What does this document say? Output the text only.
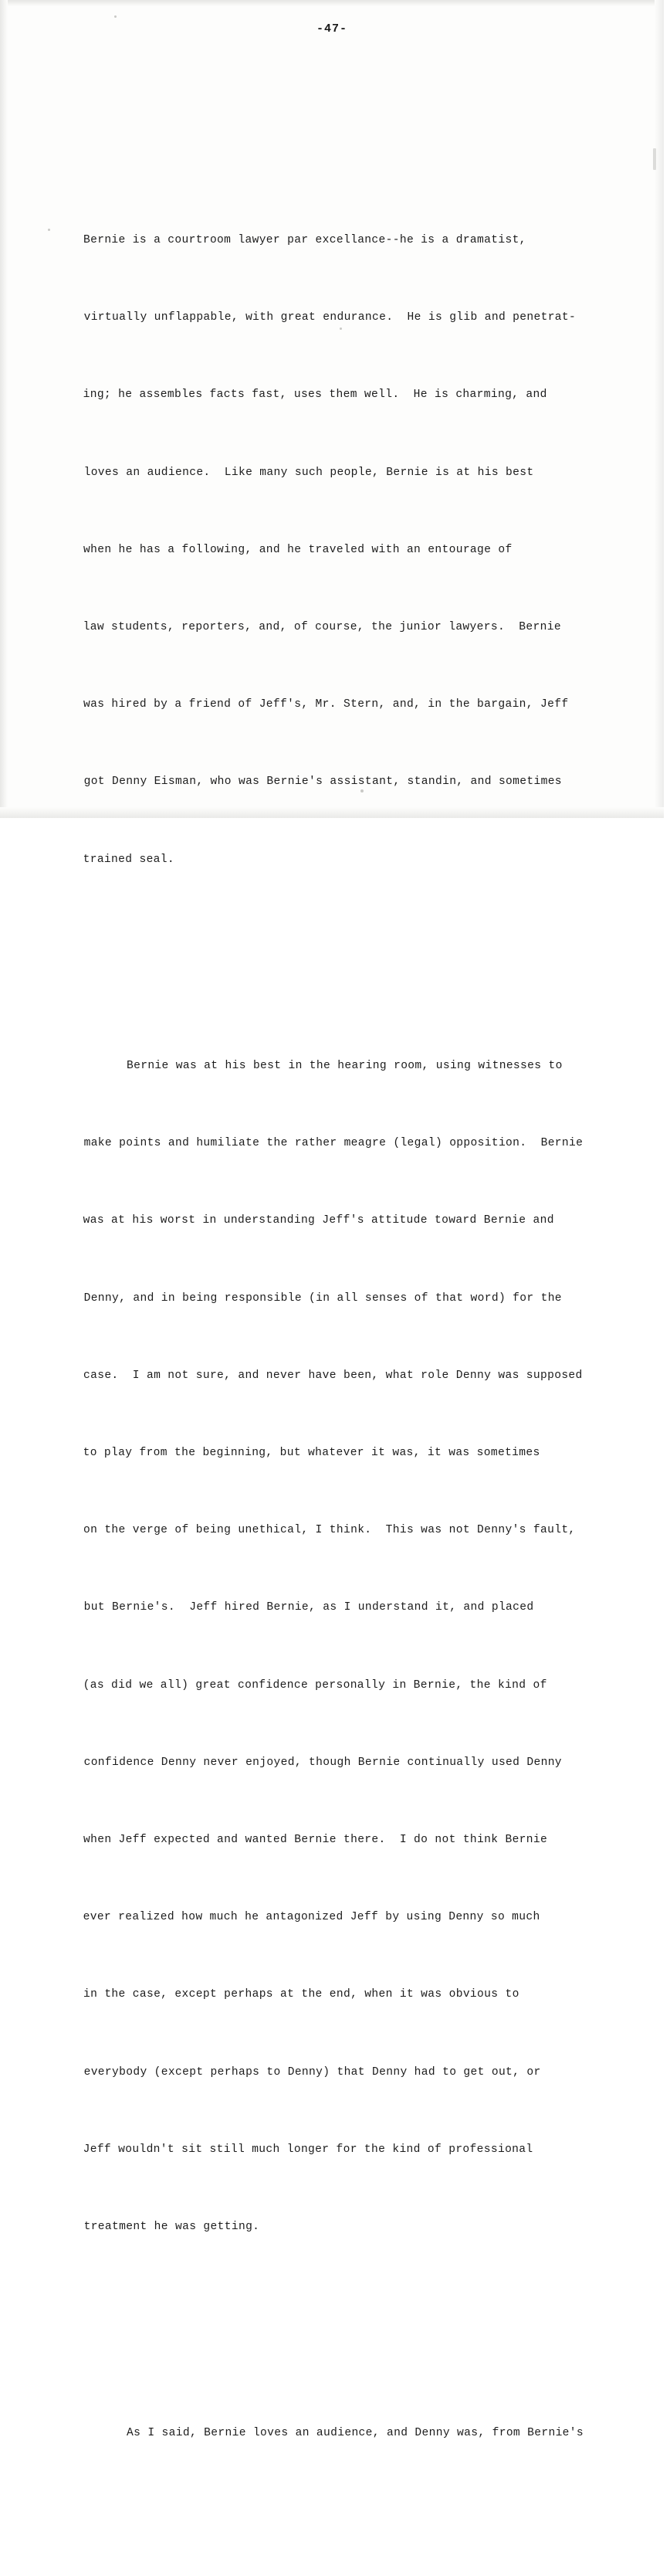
-47-

Bernie is a courtroom lawyer par excellance--he is a dramatist,

virtually unflappable, with great endurance.  He is glib and penetrat-

ing; he assembles facts fast, uses them well.  He is charming, and

loves an audience.  Like many such people, Bernie is at his best

when he has a following, and he traveled with an entourage of

law students, reporters, and, of course, the junior lawyers.  Bernie

was hired by a friend of Jeff's, Mr. Stern, and, in the bargain, Jeff

got Denny Eisman, who was Bernie's assistant, standin, and sometimes

trained seal.

Bernie was at his best in the hearing room, using witnesses to

make points and humiliate the rather meagre (legal) opposition.  Bernie

was at his worst in understanding Jeff's attitude toward Bernie and

Denny, and in being responsible (in all senses of that word) for the

case.  I am not sure, and never have been, what role Denny was supposed

to play from the beginning, but whatever it was, it was sometimes

on the verge of being unethical, I think.  This was not Denny's fault,

but Bernie's.  Jeff hired Bernie, as I understand it, and placed

(as did we all) great confidence personally in Bernie, the kind of

confidence Denny never enjoyed, though Bernie continually used Denny

when Jeff expected and wanted Bernie there.  I do not think Bernie

ever realized how much he antagonized Jeff by using Denny so much

in the case, except perhaps at the end, when it was obvious to

everybody (except perhaps to Denny) that Denny had to get out, or

Jeff wouldn't sit still much longer for the kind of professional

treatment he was getting.

As I said, Bernie loves an audience, and Denny was, from Bernie's
